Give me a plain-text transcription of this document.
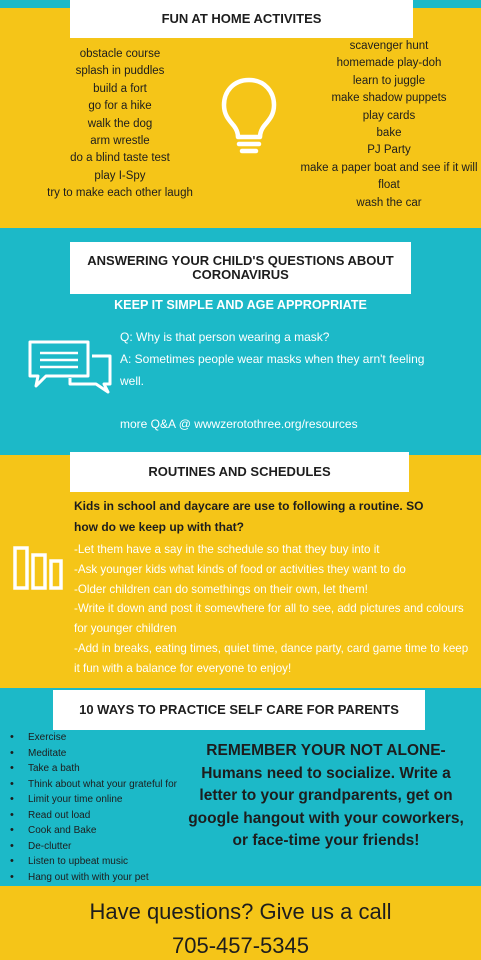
FUN AT HOME ACTIVITES
obstacle course
splash in puddles
build a fort
go for a hike
walk the dog
arm wrestle
do a blind taste test
play I-Spy
try to make each other laugh
scavenger hunt
homemade play-doh
learn to juggle
make shadow puppets
play cards
bake
PJ Party
make a paper boat and see if it will
float
wash the car
ANSWERING YOUR CHILD'S QUESTIONS ABOUT CORONAVIRUS
KEEP IT SIMPLE AND AGE APPROPRIATE
Q: Why is that person wearing a mask?
A: Sometimes people wear masks when they arn't feeling well.
more Q&A @ wwwzerotothree.org/resources
ROUTINES AND SCHEDULES
Kids in school and daycare are use to following a routine. SO how do we keep up with that?
-Let them have a say in the schedule so that they buy into it
-Ask younger kids what kinds of food or activities they want to do
-Older children can do somethings on their own, let them!
-Write it down and post it somewhere for all to see, add pictures and colours for younger children
-Add in breaks, eating times, quiet time, dance party, card game time to keep it fun with a balance for everyone to enjoy!
10 WAYS TO PRACTICE SELF CARE FOR PARENTS
• Exercise
• Meditate
• Take a bath
• Think about what your grateful for
• Limit your time online
• Read out load
• Cook and Bake
• De-clutter
• Listen to upbeat music
• Hang out with with your pet
REMEMBER YOUR NOT ALONE- Humans need to socialize. Write a letter to your grandparents, get on google hangout with your coworkers, or face-time your friends!
Have questions? Give us a call
705-457-5345
